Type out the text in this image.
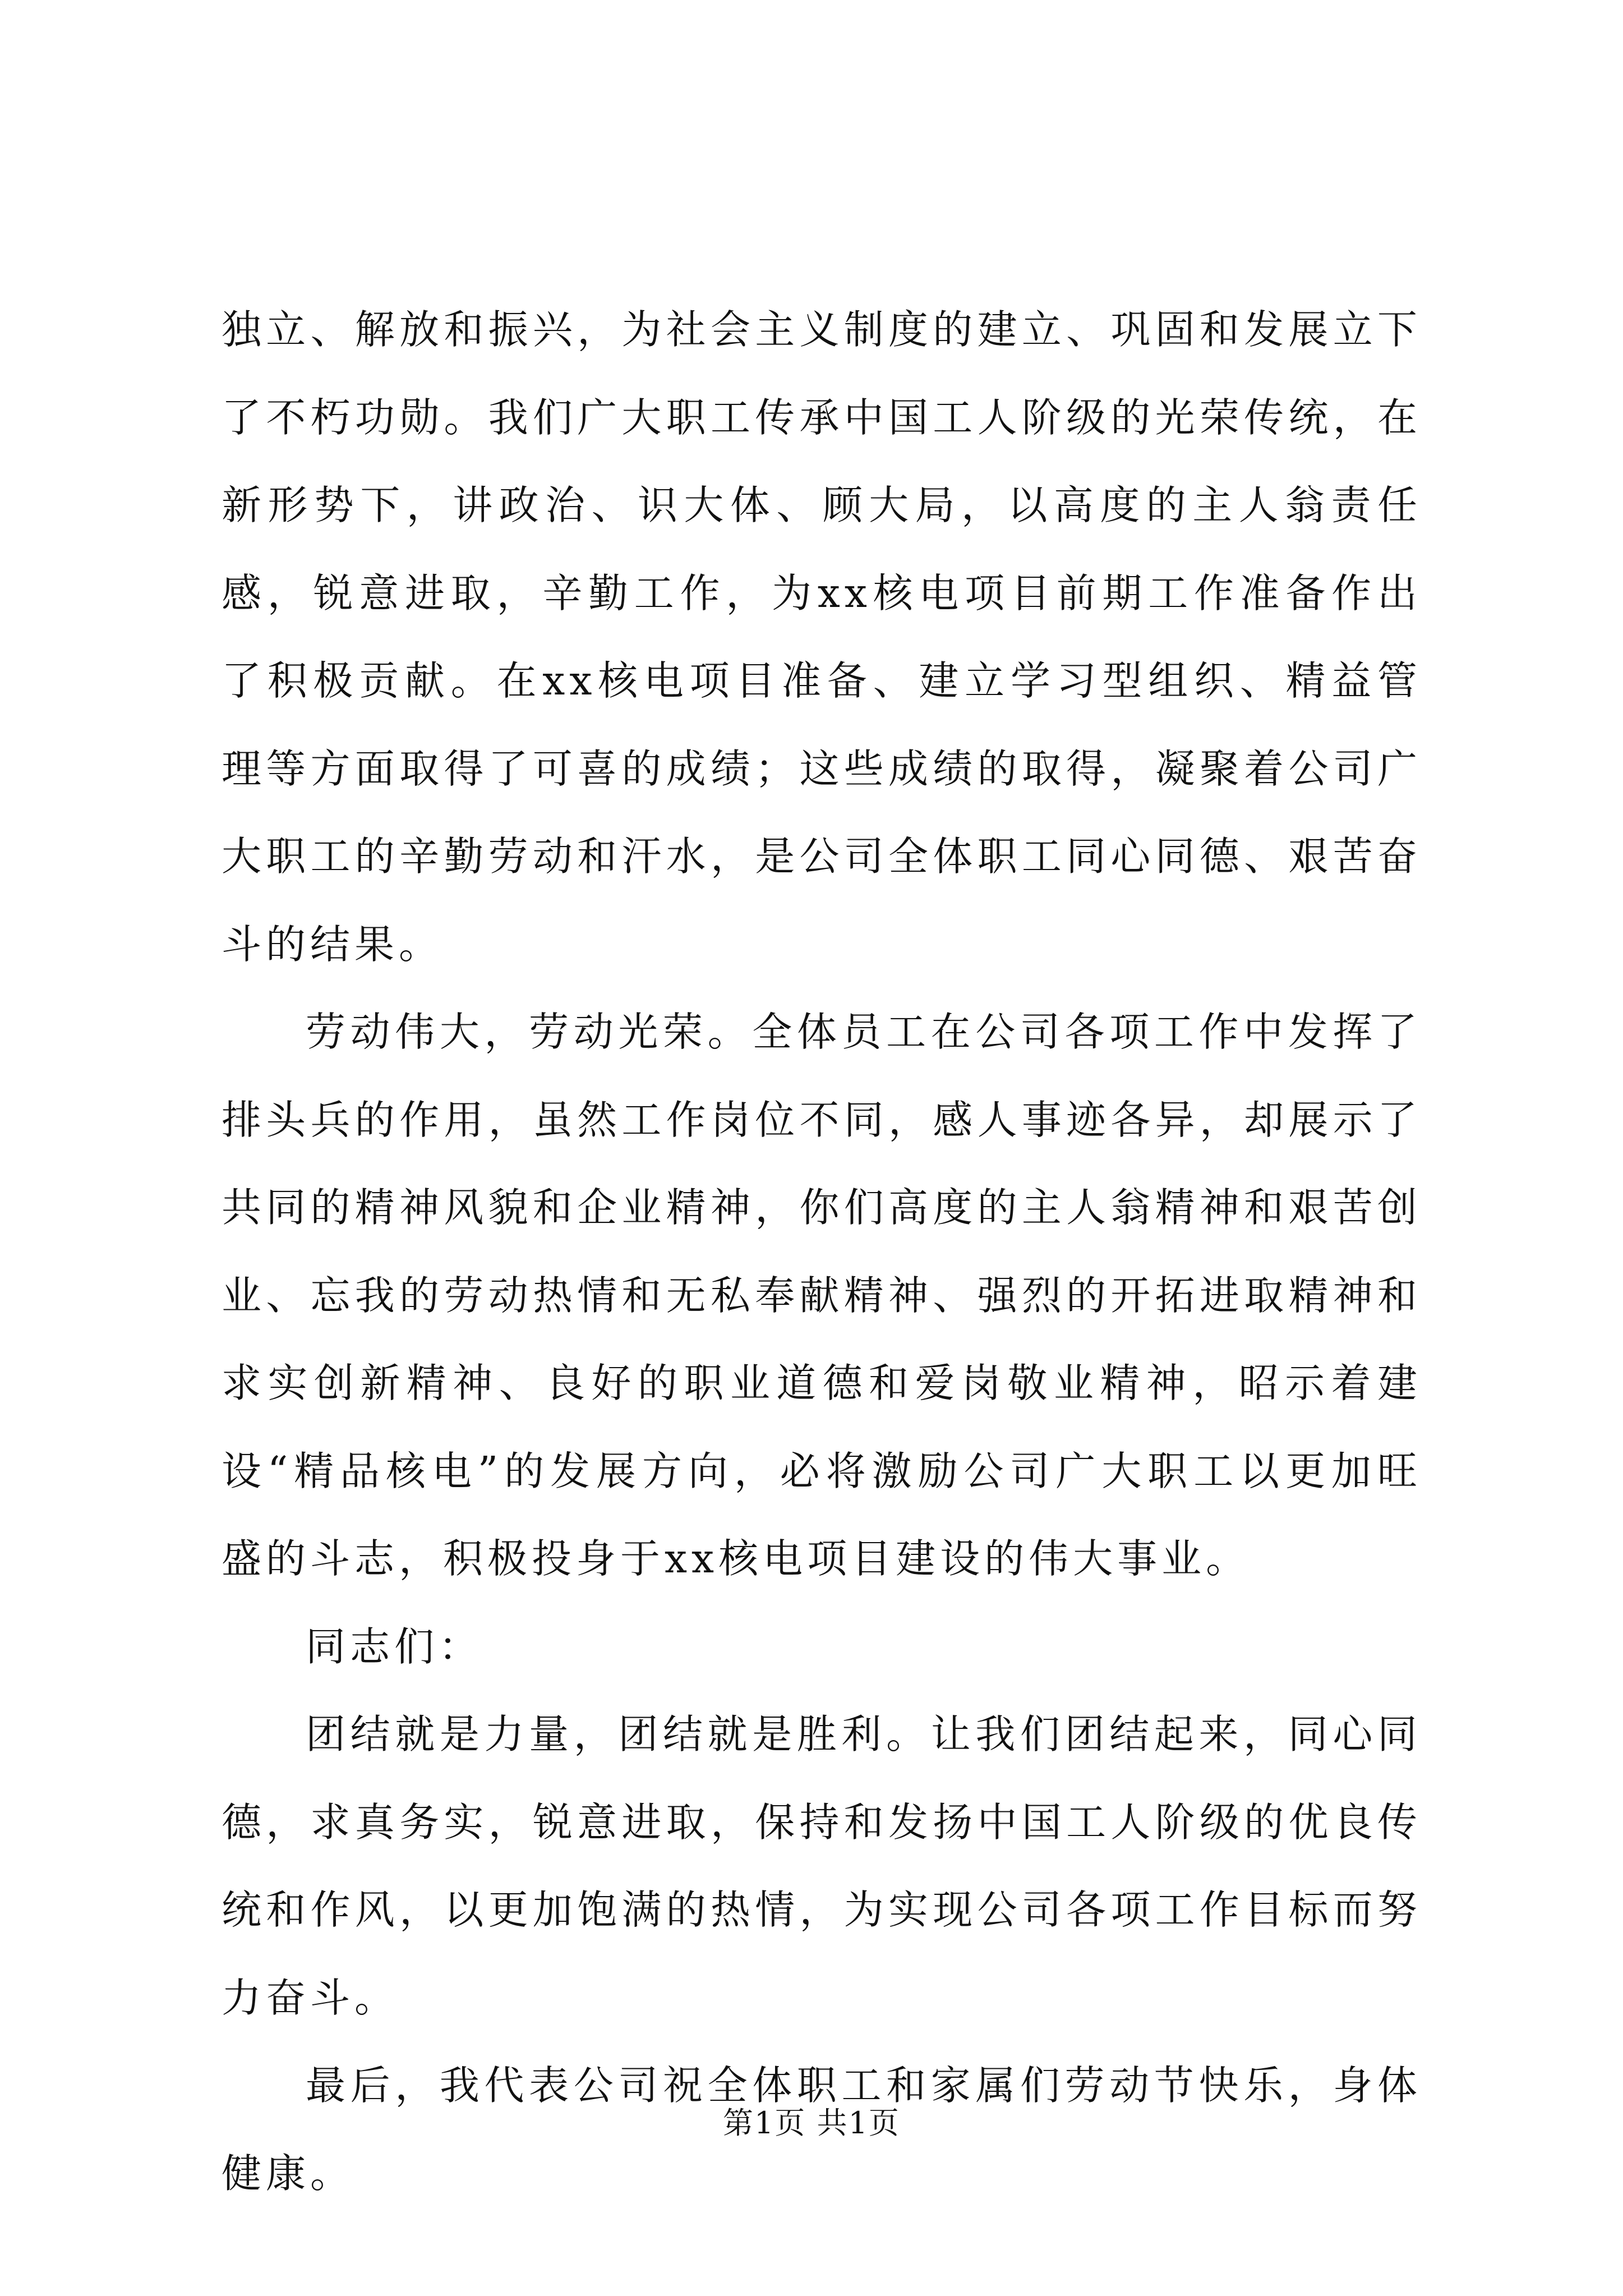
独立、解放和振兴，为社会主义制度的建立、巩固和发展立下了不朽功勋。我们广大职工传承中国工人阶级的光荣传统，在新形势下，讲政治、识大体、顾大局，以高度的主人翁责任感，锐意进取，辛勤工作，为xx核电项目前期工作准备作出了积极贡献。在xx核电项目准备、建立学习型组织、精益管理等方面取得了可喜的成绩；这些成绩的取得，凝聚着公司广大职工的辛勤劳动和汗水，是公司全体职工同心同德、艰苦奋斗的结果。

劳动伟大，劳动光荣。全体员工在公司各项工作中发挥了排头兵的作用，虽然工作岗位不同，感人事迹各异，却展示了共同的精神风貌和企业精神，你们高度的主人翁精神和艰苦创业、忘我的劳动热情和无私奉献精神、强烈的开拓进取精神和求实创新精神、良好的职业道德和爱岗敬业精神，昭示着建设“精品核电”的发展方向，必将激励公司广大职工以更加旺盛的斗志，积极投身于xx核电项目建设的伟大事业。

同志们：

团结就是力量，团结就是胜利。让我们团结起来，同心同德，求真务实，锐意进取，保持和发扬中国工人阶级的优良传统和作风，以更加饱满的热情，为实现公司各项工作目标而努力奋斗。

最后，我代表公司祝全体职工和家属们劳动节快乐，身体健康。

第1页 共1页
